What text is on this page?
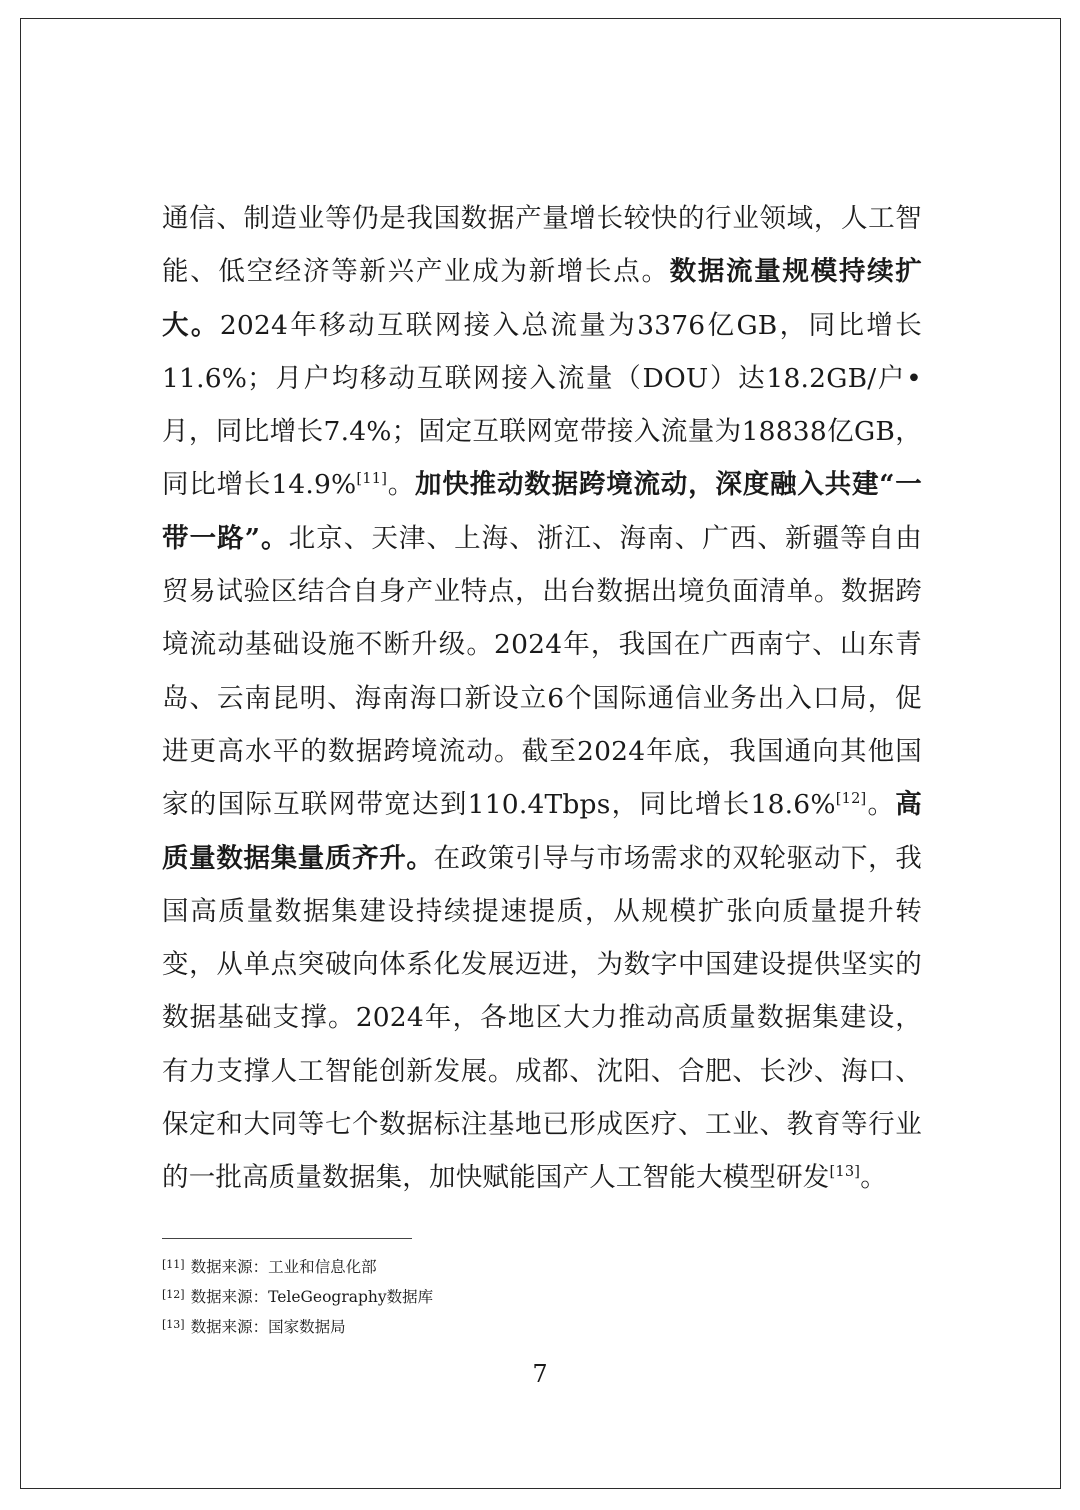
通信、制造业等仍是我国数据产量增长较快的行业领域，人工智能、低空经济等新兴产业成为新增长点。数据流量规模持续扩大。2024年移动互联网接入总流量为3376亿GB，同比增长11.6%；月户均移动互联网接入流量（DOU）达18.2GB/户•月，同比增长7.4%；固定互联网宽带接入流量为18838亿GB，同比增长14.9%[11]。加快推动数据跨境流动，深度融入共建“一带一路”。北京、天津、上海、浙江、海南、广西、新疆等自由贸易试验区结合自身产业特点，出台数据出境负面清单。数据跨境流动基础设施不断升级。2024年，我国在广西南宁、山东青岛、云南昆明、海南海口新设立6个国际通信业务出入口局，促进更高水平的数据跨境流动。截至2024年底，我国通向其他国家的国际互联网带宽达到110.4Tbps，同比增长18.6%[12]。高质量数据集量质齐升。在政策引导与市场需求的双轮驱动下，我国高质量数据集建设持续提速提质，从规模扩张向质量提升转变，从单点突破向体系化发展迈进，为数字中国建设提供坚实的数据基础支撑。2024年，各地区大力推动高质量数据集建设，有力支撑人工智能创新发展。成都、沈阳、合肥、长沙、海口、保定和大同等七个数据标注基地已形成医疗、工业、教育等行业的一批高质量数据集，加快赋能国产人工智能大模型研发[13]。
[11] 数据来源：工业和信息化部
[12] 数据来源：TeleGeography数据库
[13] 数据来源：国家数据局
7
